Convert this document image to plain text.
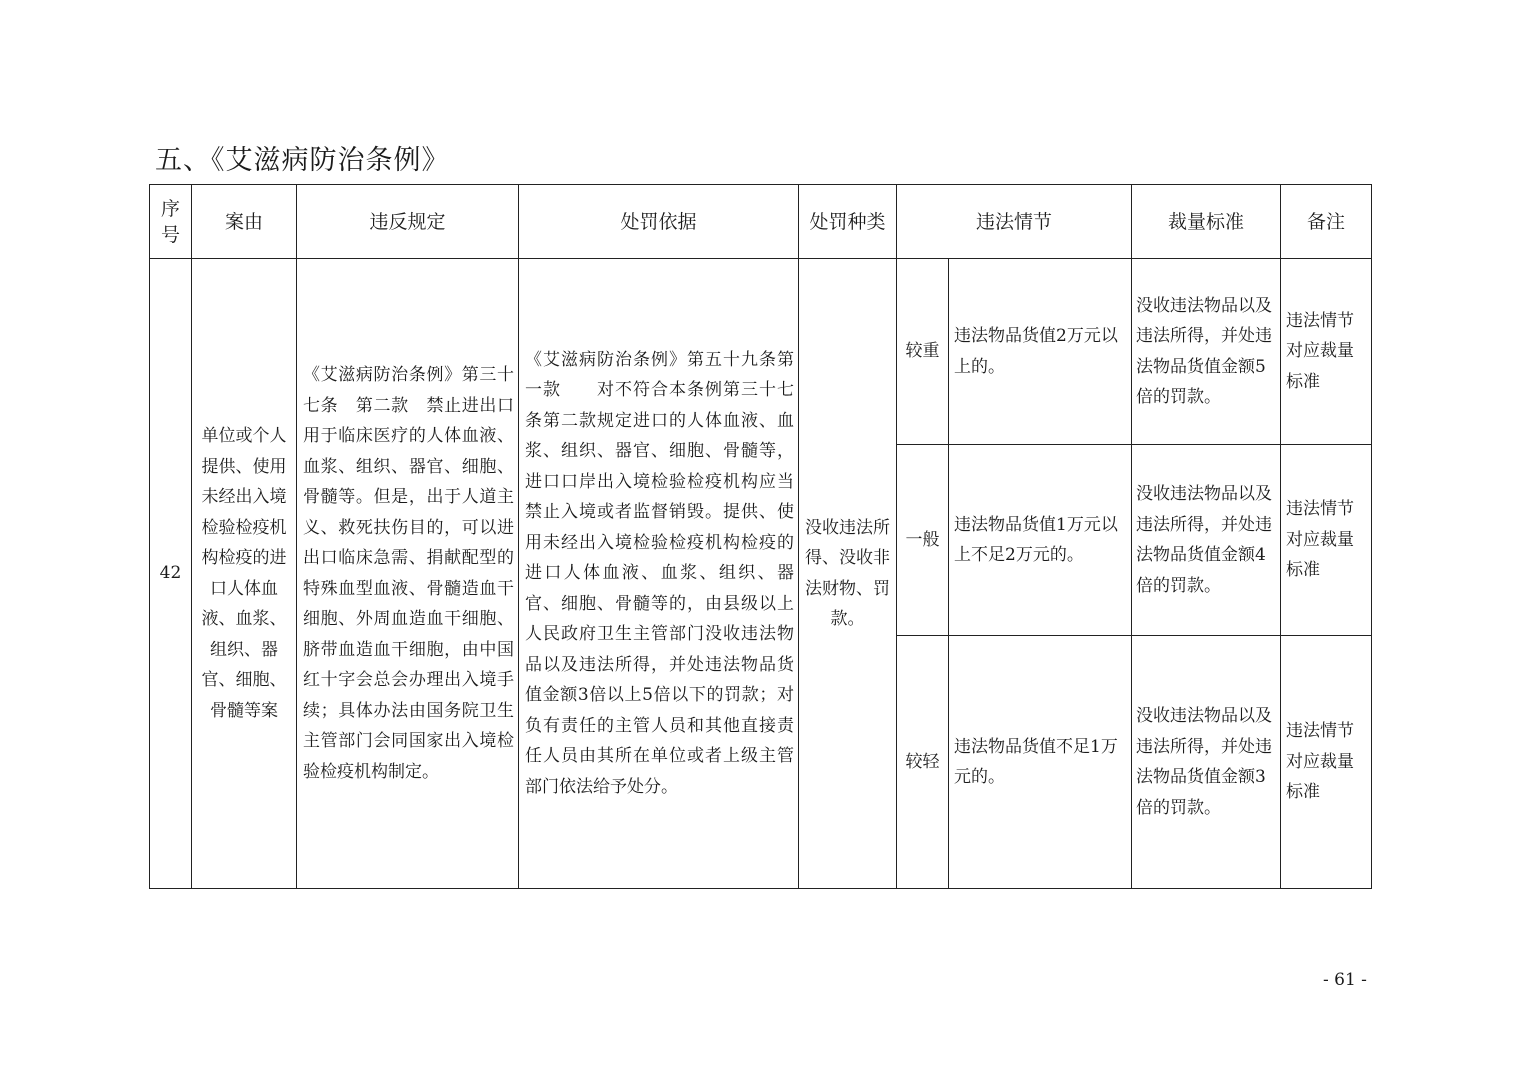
五、《艾滋病防治条例》
序号	案由	违反规定	处罚依据	处罚种类	违法情节		裁量标准	备注
42	单位或个人提供、使用未经出入境检验检疫机构检疫的进口人体血液、血浆、组织、器官、细胞、骨髓等案	《艾滋病防治条例》第三十七条　第二款　禁止进出口用于临床医疗的人体血液、血浆、组织、器官、细胞、骨髓等。但是，出于人道主义、救死扶伤目的，可以进出口临床急需、捐献配型的特殊血型血液、骨髓造血干细胞、外周血造血干细胞、脐带血造血干细胞，由中国红十字会总会办理出入境手续；具体办法由国务院卫生主管部门会同国家出入境检验检疫机构制定。	《艾滋病防治条例》第五十九条第一款　　对不符合本条例第三十七条第二款规定进口的人体血液、血浆、组织、器官、细胞、骨髓等，进口口岸出入境检验检疫机构应当禁止入境或者监督销毁。提供、使用未经出入境检验检疫机构检疫的进口人体血液、血浆、组织、器官、细胞、骨髓等的，由县级以上人民政府卫生主管部门没收违法物品以及违法所得，并处违法物品货值金额3倍以上5倍以下的罚款；对负有责任的主管人员和其他直接责任人员由其所在单位或者上级主管部门依法给予处分。	没收违法所得、没收非法财物、罚款。	较重	违法物品货值2万元以上的。	没收违法物品以及违法所得，并处违法物品货值金额5倍的罚款。	违法情节对应裁量标准
					一般	违法物品货值1万元以上不足2万元的。	没收违法物品以及违法所得，并处违法物品货值金额4倍的罚款。	违法情节对应裁量标准
					较轻	违法物品货值不足1万元的。	没收违法物品以及违法所得，并处违法物品货值金额3倍的罚款。	违法情节对应裁量标准
- 61 -
